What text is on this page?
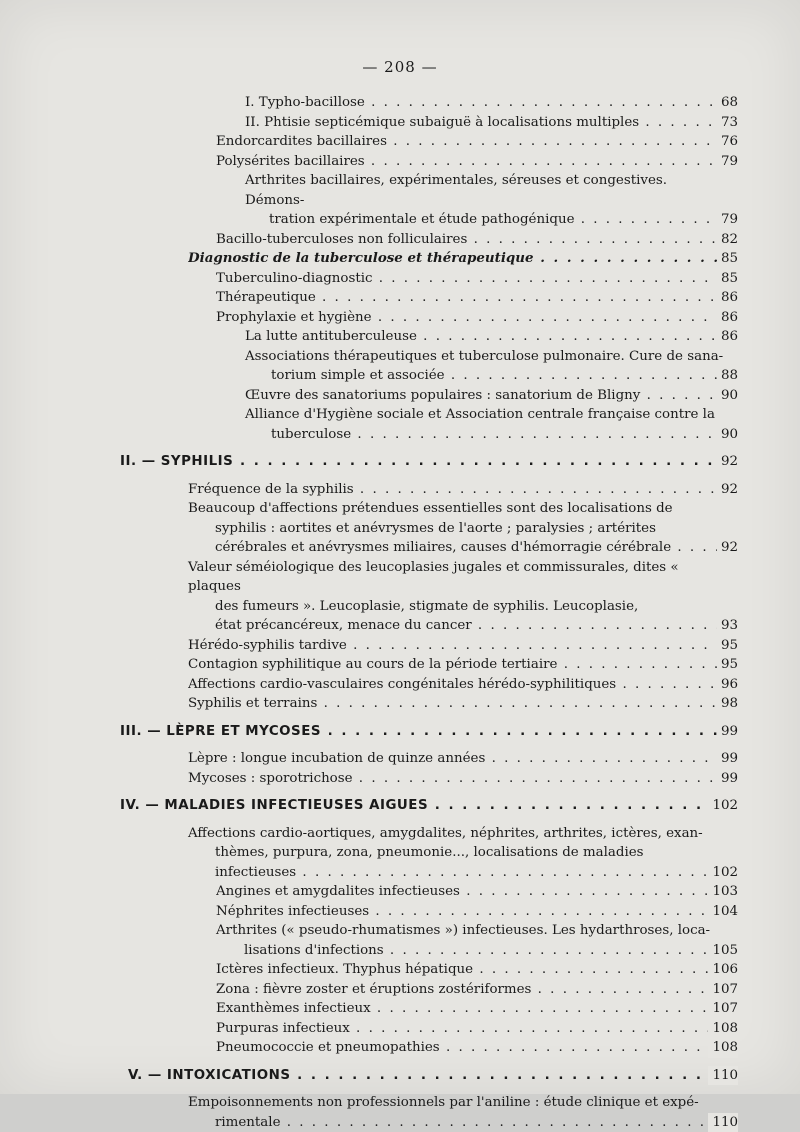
— 208 —
I. Typho-bacillose . . .	68
II. Phtisie septicémique subaiguë à localisations multiples . . .	73
Endorcardites bacillaires . . .	76
Polysérites bacillaires . . .	79
Arthrites bacillaires, expérimentales, séreuses et congestives. Démons-
tration expérimentale et étude pathogénique . . .	79
Bacillo-tuberculoses non folliculaires . . .	82
Diagnostic de la tuberculose et thérapeutique . . .	85
Tuberculino-diagnostic . . .	85
Thérapeutique . . .	86
Prophylaxie et hygiène . . .	86
La lutte antituberculeuse . . .	86
Associations thérapeutiques et tuberculose pulmonaire. Cure de sana-
torium simple et associée . . .	88
Œuvre des sanatoriums populaires : sanatorium de Bligny . . .	90
Alliance d'Hygiène sociale et Association centrale française contre la
tuberculose . . .	90
II. — SYPHILIS . . .	92
Fréquence de la syphilis . . .	92
Beaucoup d'affections prétendues essentielles sont des localisations de
syphilis : aortites et anévrysmes de l'aorte ; paralysies ; artérites
cérébrales et anévrysmes miliaires, causes d'hémorragie cérébrale . . .	92
Valeur séméiologique des leucoplasies jugales et commissurales, dites « plaques
des fumeurs ». Leucoplasie, stigmate de syphilis. Leucoplasie,
état précancéreux, menace du cancer . . .	93
Hérédo-syphilis tardive . . .	95
Contagion syphilitique au cours de la période tertiaire . . .	95
Affections cardio-vasculaires congénitales hérédo-syphilitiques . . .	96
Syphilis et terrains . . .	98
III. — LÈPRE ET MYCOSES . . .	99
Lèpre : longue incubation de quinze années . . .	99
Mycoses : sporotrichose . . .	99
IV. — MALADIES INFECTIEUSES AIGUES . . .	102
Affections cardio-aortiques, amygdalites, néphrites, arthrites, ictères, exan-
thèmes, purpura, zona, pneumonie..., localisations de maladies
infectieuses . . .	102
Angines et amygdalites infectieuses . . .	103
Néphrites infectieuses . . .	104
Arthrites (« pseudo-rhumatismes ») infectieuses. Les hydarthroses, loca-
lisations d'infections . . .	105
Ictères infectieux. Thyphus hépatique . . .	106
Zona : fièvre zoster et éruptions zostériformes . . .	107
Exanthèmes infectieux . . .	107
Purpuras infectieux . . .	108
Pneumococcie et pneumopathies . . .	108
V. — INTOXICATIONS . . .	110
Empoisonnements non professionnels par l'aniline : étude clinique et expé-
rimentale . . .	110
